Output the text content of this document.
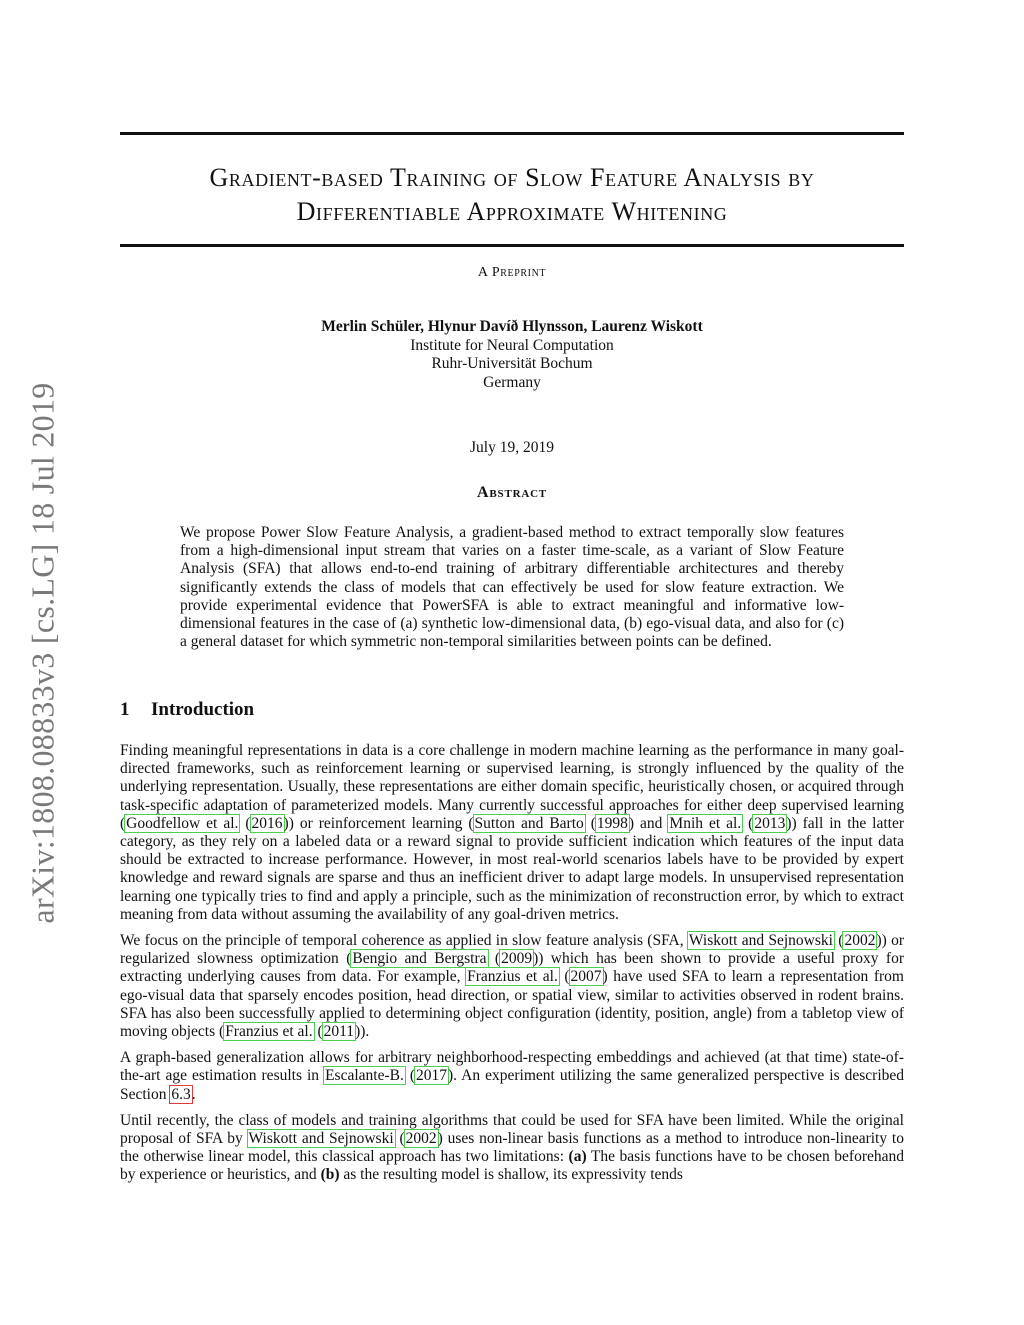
arXiv:1808.08833v3 [cs.LG] 18 Jul 2019
Gradient-based Training of Slow Feature Analysis by
Differentiable Approximate Whitening
A Preprint
Merlin Schüler, Hlynur Davíð Hlynsson, Laurenz Wiskott
Institute for Neural Computation
Ruhr-Universität Bochum
Germany
July 19, 2019
Abstract
We propose Power Slow Feature Analysis, a gradient-based method to extract temporally slow features from a high-dimensional input stream that varies on a faster time-scale, as a variant of Slow Feature Analysis (SFA) that allows end-to-end training of arbitrary differentiable architectures and thereby significantly extends the class of models that can effectively be used for slow feature extraction. We provide experimental evidence that PowerSFA is able to extract meaningful and informative low-dimensional features in the case of (a) synthetic low-dimensional data, (b) ego-visual data, and also for (c) a general dataset for which symmetric non-temporal similarities between points can be defined.
1 Introduction

Finding meaningful representations in data is a core challenge in modern machine learning as the performance in many goal-directed frameworks, such as reinforcement learning or supervised learning, is strongly influenced by the quality of the underlying representation. Usually, these representations are either domain specific, heuristically chosen, or acquired through task-specific adaptation of parameterized models. Many currently successful approaches for either deep supervised learning (Goodfellow et al. (2016)) or reinforcement learning (Sutton and Barto (1998) and Mnih et al. (2013)) fall in the latter category, as they rely on a labeled data or a reward signal to provide sufficient indication which features of the input data should be extracted to increase performance. However, in most real-world scenarios labels have to be provided by expert knowledge and reward signals are sparse and thus an inefficient driver to adapt large models. In unsupervised representation learning one typically tries to find and apply a principle, such as the minimization of reconstruction error, by which to extract meaning from data without assuming the availability of any goal-driven metrics.

We focus on the principle of temporal coherence as applied in slow feature analysis (SFA, Wiskott and Sejnowski (2002)) or regularized slowness optimization (Bengio and Bergstra (2009)) which has been shown to provide a useful proxy for extracting underlying causes from data. For example, Franzius et al. (2007) have used SFA to learn a representation from ego-visual data that sparsely encodes position, head direction, or spatial view, similar to activities observed in rodent brains. SFA has also been successfully applied to determining object configuration (identity, position, angle) from a tabletop view of moving objects (Franzius et al. (2011)).

A graph-based generalization allows for arbitrary neighborhood-respecting embeddings and achieved (at that time) state-of-the-art age estimation results in Escalante-B. (2017). An experiment utilizing the same generalized perspective is described Section 6.3.

Until recently, the class of models and training algorithms that could be used for SFA have been limited. While the original proposal of SFA by Wiskott and Sejnowski (2002) uses non-linear basis functions as a method to introduce non-linearity to the otherwise linear model, this classical approach has two limitations: (a) The basis functions have to be chosen beforehand by experience or heuristics, and (b) as the resulting model is shallow, its expressivity tends
